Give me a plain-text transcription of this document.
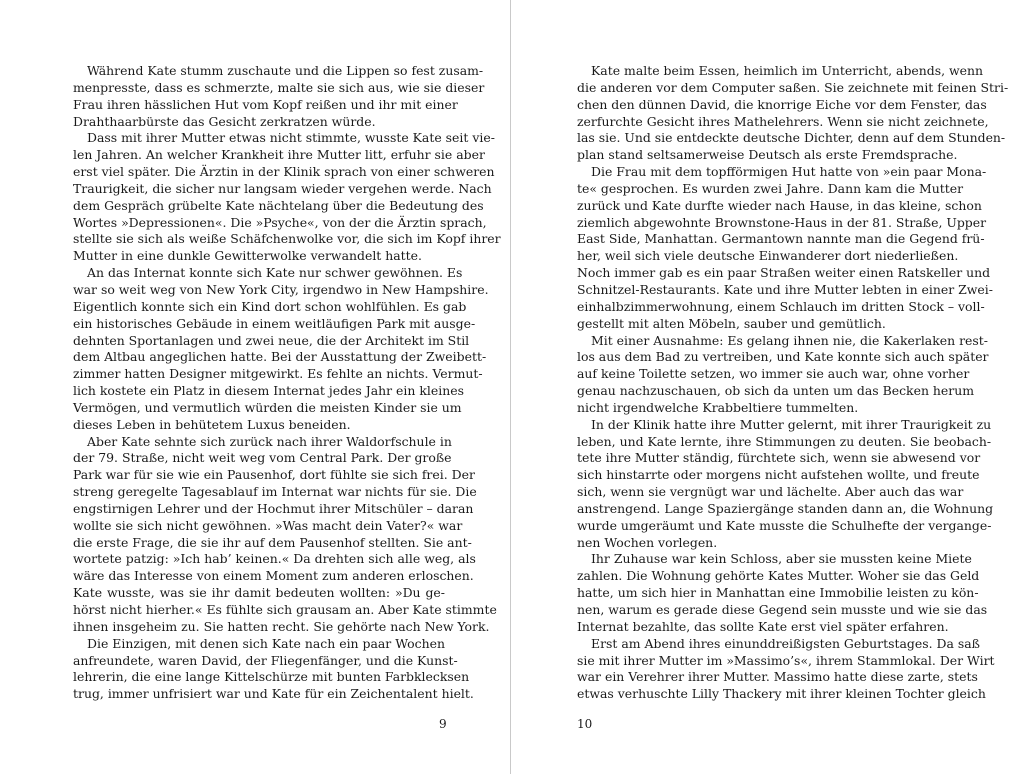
Während Kate stumm zuschaute und die Lippen so fest zusam-
menpresste, dass es schmerzte, malte sie sich aus, wie sie dieser
Frau ihren hässlichen Hut vom Kopf reißen und ihr mit einer
Drahthaarbürste das Gesicht zerkratzen würde.
Dass mit ihrer Mutter etwas nicht stimmte, wusste Kate seit vie-
len Jahren. An welcher Krankheit ihre Mutter litt, erfuhr sie aber
erst viel später. Die Ärztin in der Klinik sprach von einer schweren
Traurigkeit, die sicher nur langsam wieder vergehen werde. Nach
dem Gespräch grübelte Kate nächtelang über die Bedeutung des
Wortes »Depressionen«. Die »Psyche«, von der die Ärztin sprach,
stellte sie sich als weiße Schäfchenwolke vor, die sich im Kopf ihrer
Mutter in eine dunkle Gewitterwolke verwandelt hatte.
An das Internat konnte sich Kate nur schwer gewöhnen. Es
war so weit weg von New York City, irgendwo in New Hampshire.
Eigentlich konnte sich ein Kind dort schon wohlfühlen. Es gab
ein historisches Gebäude in einem weitläufigen Park mit ausge-
dehnten Sportanlagen und zwei neue, die der Architekt im Stil
dem Altbau angeglichen hatte. Bei der Ausstattung der Zweibett-
zimmer hatten Designer mitgewirkt. Es fehlte an nichts. Vermut-
lich kostete ein Platz in diesem Internat jedes Jahr ein kleines
Vermögen, und vermutlich würden die meisten Kinder sie um
dieses Leben in behütetem Luxus beneiden.
Aber Kate sehnte sich zurück nach ihrer Waldorfschule in
der 79. Straße, nicht weit weg vom Central Park. Der große
Park war für sie wie ein Pausenhof, dort fühlte sie sich frei. Der
streng geregelte Tagesablauf im Internat war nichts für sie. Die
engstirnigen Lehrer und der Hochmut ihrer Mitschüler – daran
wollte sie sich nicht gewöhnen. »Was macht dein Vater?« war
die erste Frage, die sie ihr auf dem Pausenhof stellten. Sie ant-
wortete patzig: »Ich hab’ keinen.« Da drehten sich alle weg, als
wäre das Interesse von einem Moment zum anderen erloschen.
Kate wusste, was sie ihr damit bedeuten wollten: »Du ge-
hörst nicht hierher.« Es fühlte sich grausam an. Aber Kate stimmte
ihnen insgeheim zu. Sie hatten recht. Sie gehörte nach New York.
Die Einzigen, mit denen sich Kate nach ein paar Wochen
anfreundete, waren David, der Fliegenfänger, und die Kunst-
lehrerin, die eine lange Kittelschürze mit bunten Farbklecksen
trug, immer unfrisiert war und Kate für ein Zeichentalent hielt.
9
Kate malte beim Essen, heimlich im Unterricht, abends, wenn
die anderen vor dem Computer saßen. Sie zeichnete mit feinen Stri-
chen den dünnen David, die knorrige Eiche vor dem Fenster, das
zerfurchte Gesicht ihres Mathelehrers. Wenn sie nicht zeichnete,
las sie. Und sie entdeckte deutsche Dichter, denn auf dem Stunden-
plan stand seltsamerweise Deutsch als erste Fremdsprache.
Die Frau mit dem topfförmigen Hut hatte von »ein paar Mona-
te« gesprochen. Es wurden zwei Jahre. Dann kam die Mutter
zurück und Kate durfte wieder nach Hause, in das kleine, schon
ziemlich abgewohnte Brownstone-Haus in der 81. Straße, Upper
East Side, Manhattan. Germantown nannte man die Gegend frü-
her, weil sich viele deutsche Einwanderer dort niederließen.
Noch immer gab es ein paar Straßen weiter einen Ratskeller und
Schnitzel-Restaurants. Kate und ihre Mutter lebten in einer Zwei-
einhalbzimmerwohnung, einem Schlauch im dritten Stock – voll-
gestellt mit alten Möbeln, sauber und gemütlich.
Mit einer Ausnahme: Es gelang ihnen nie, die Kakerlaken rest-
los aus dem Bad zu vertreiben, und Kate konnte sich auch später
auf keine Toilette setzen, wo immer sie auch war, ohne vorher
genau nachzuschauen, ob sich da unten um das Becken herum
nicht irgendwelche Krabbeltiere tummelten.
In der Klinik hatte ihre Mutter gelernt, mit ihrer Traurigkeit zu
leben, und Kate lernte, ihre Stimmungen zu deuten. Sie beobach-
tete ihre Mutter ständig, fürchtete sich, wenn sie abwesend vor
sich hinstarrte oder morgens nicht aufstehen wollte, und freute
sich, wenn sie vergnügt war und lächelte. Aber auch das war
anstrengend. Lange Spaziergänge standen dann an, die Wohnung
wurde umgeräumt und Kate musste die Schulhefte der vergange-
nen Wochen vorlegen.
Ihr Zuhause war kein Schloss, aber sie mussten keine Miete
zahlen. Die Wohnung gehörte Kates Mutter. Woher sie das Geld
hatte, um sich hier in Manhattan eine Immobilie leisten zu kön-
nen, warum es gerade diese Gegend sein musste und wie sie das
Internat bezahlte, das sollte Kate erst viel später erfahren.
Erst am Abend ihres einunddreißigsten Geburtstages. Da saß
sie mit ihrer Mutter im »Massimo’s«, ihrem Stammlokal. Der Wirt
war ein Verehrer ihrer Mutter. Massimo hatte diese zarte, stets
etwas verhuschte Lilly Thackery mit ihrer kleinen Tochter gleich
10
